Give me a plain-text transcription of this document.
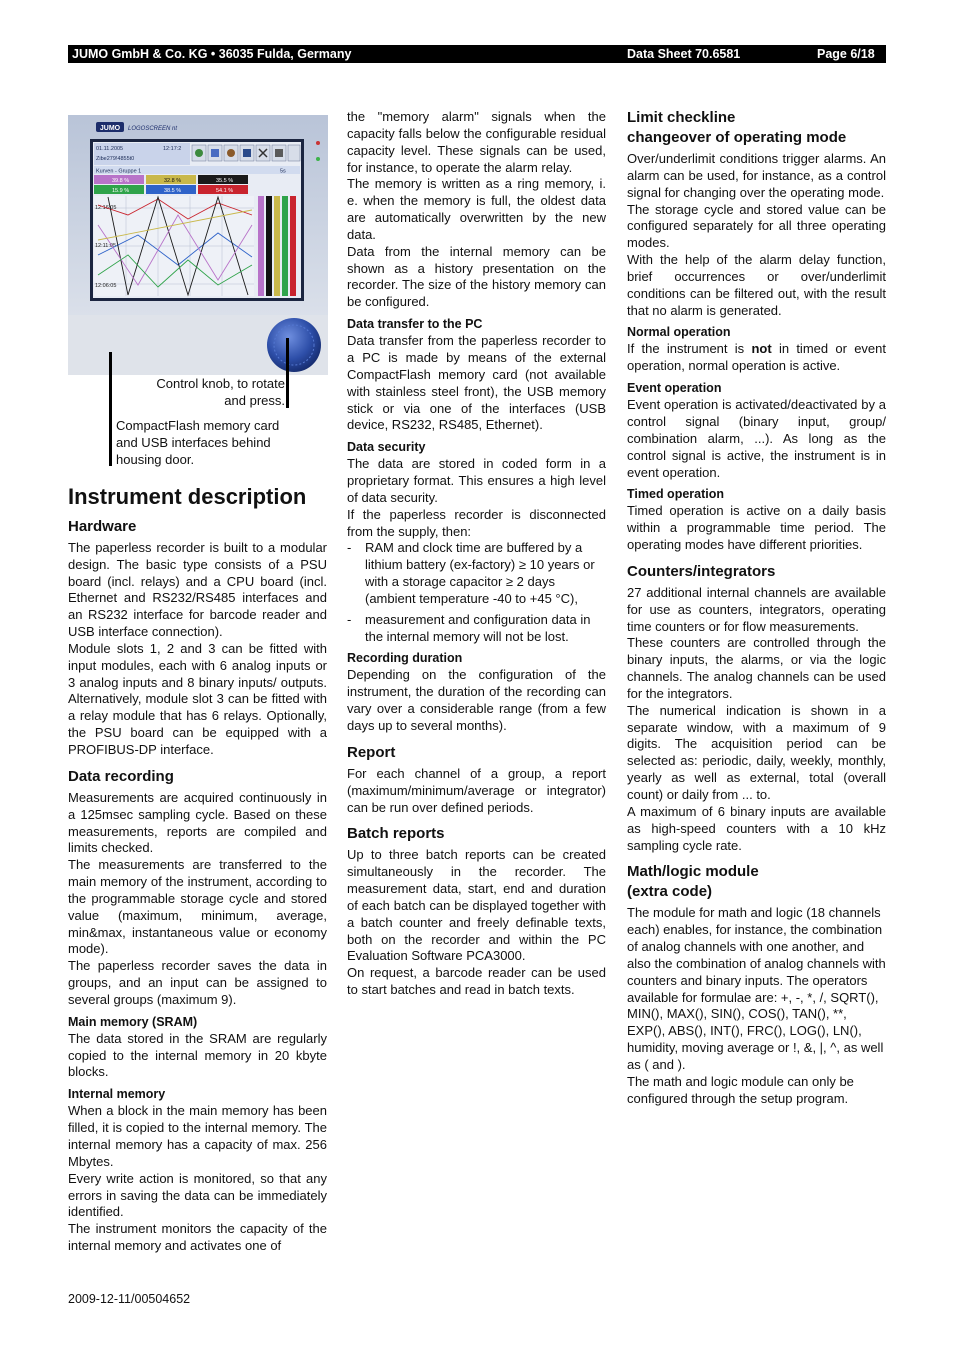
JUMO GmbH & Co. KG • 36035 Fulda, Germany	Data Sheet 70.6581	Page 6/18
JUMO LOGOSCREEN nt
01.11.2005	12:17:2
Zibe279!4855t0
Kurven - Gruppe 1	5s
39.8 %	32.8 %	35.5 %
15.9 %	38.5 %	54.1 %
12:16:05
12:11:05
12:06:05
Control knob, to rotate
and press.
CompactFlash memory card
and USB interfaces behind
housing door.
Instrument description
Hardware

The paperless recorder is built to a modular design. The basic type consists of a PSU board (incl. relays) and a CPU board (incl. Ethernet and RS232/RS485 interfaces and an RS232 interface for barcode reader and USB interface connection).

Module slots 1, 2 and 3 can be fitted with input modules, each with 6 analog inputs or 3 analog inputs and 8 binary inputs/ outputs. Alternatively, module slot 3 can be fitted with a relay module that has 6 relays. Optionally, the PSU board can be equipped with a PROFIBUS-DP interface.

Data recording

Measurements are acquired continuously in a 125msec sampling cycle. Based on these measurements, reports are compiled and limits checked.

The measurements are transferred to the main memory of the instrument, according to the programmable storage cycle and stored value (maximum, minimum, average, min&max, instantaneous value or economy mode).

The paperless recorder saves the data in groups, and an input can be assigned to several groups (maximum 9).

Main memory (SRAM)

The data stored in the SRAM are regularly copied to the internal memory in 20 kbyte blocks.

Internal memory

When a block in the main memory has been filled, it is copied to the internal memory. The internal memory has a capacity of max. 256 Mbytes.

Every write action is monitored, so that any errors in saving the data can be immediately identified.

The instrument monitors the capacity of the internal memory and activates one of

the "memory alarm" signals when the capacity falls below the configurable residual capacity level. These signals can be used, for instance, to operate the alarm relay.

The memory is written as a ring memory, i. e. when the memory is full, the oldest data are automatically overwritten by the new data.

Data from the internal memory can be shown as a history presentation on the recorder. The size of the history memory can be configured.

Data transfer to the PC

Data transfer from the paperless recorder to a PC is made by means of the external CompactFlash memory card (not available with stainless steel front), the USB memory stick or via one of the interfaces (USB device, RS232, RS485, Ethernet).

Data security

The data are stored in coded form in a proprietary format. This ensures a high level of data security.

If the paperless recorder is disconnected from the supply, then:

-	RAM and clock time are buffered by a lithium battery (ex-factory) ≥ 10 years or with a storage capacitor ≥ 2 days (ambient temperature -40 to +45 °C),
-	measurement and configuration data in the internal memory will not be lost.
Recording duration

Depending on the configuration of the instrument, the duration of the recording can vary over a considerable range (from a few days up to several months).

Report

For each channel of a group, a report (maximum/minimum/average or integrator) can be run over defined periods.

Batch reports

Up to three batch reports can be created simultaneously in the recorder. The measurement data, start, end and duration of each batch can be displayed together with a batch counter and freely definable texts, both on the recorder and within the PC Evaluation Software PCA3000.

On request, a barcode reader can be used to start batches and read in batch texts.

Limit checkline
changeover of operating mode

Over/underlimit conditions trigger alarms. An alarm can be used, for instance, as a control signal for changing over the operating mode.

The storage cycle and stored value can be configured separately for all three operating modes.

With the help of the alarm delay function, brief occurrences or over/underlimit conditions can be filtered out, with the result that no alarm is generated.

Normal operation

If the instrument is not in timed or event operation, normal operation is active.

Event operation

Event operation is activated/deactivated by a control signal (binary input, group/ combination alarm, ...). As long as the control signal is active, the instrument is in event operation.

Timed operation

Timed operation is active on a daily basis within a programmable time period. The operating modes have different priorities.

Counters/integrators

27 additional internal channels are available for use as counters, integrators, operating time counters or for flow measurements.

These counters are controlled through the binary inputs, the alarms, or via the logic channels. The analog channels can be used for the integrators.

The numerical indication is shown in a separate window, with a maximum of 9 digits. The acquisition period can be selected as: periodic, daily, weekly, monthly, yearly as well as external, total (overall count) or daily from ... to.

A maximum of 6 binary inputs are available as high-speed counters with a 10 kHz sampling cycle rate.

Math/logic module
(extra code)

The module for math and logic (18 channels each) enables, for instance, the combination of analog channels with one another, and also the combination of analog channels with counters and binary inputs. The operators available for formulae are: +, -, *, /, SQRT(), MIN(), MAX(), SIN(), COS(), TAN(), **, EXP(), ABS(), INT(), FRC(), LOG(), LN(), humidity, moving average or !, &, |, ^, as well as ( and ).

The math and logic module can only be configured through the setup program.

2009-12-11/00504652
